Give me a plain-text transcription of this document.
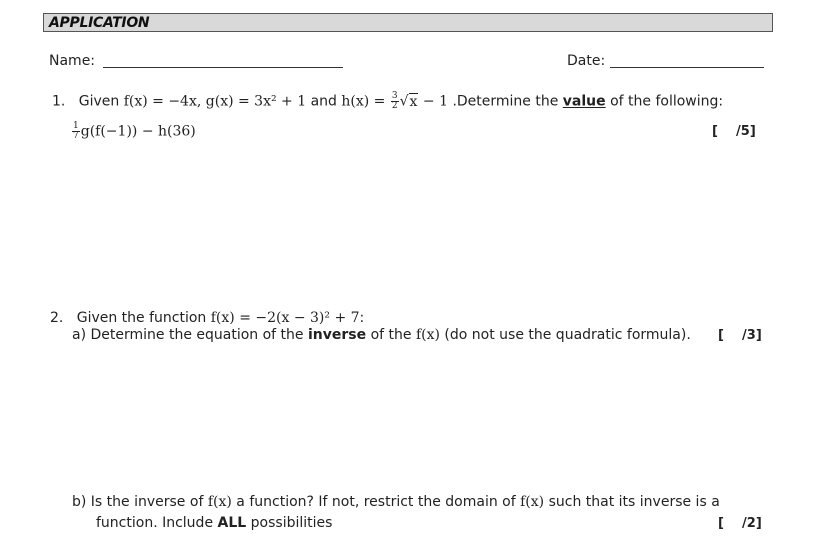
APPLICATION
Name:	Date:
1. Given f(x) = −4x, g(x) = 3x² + 1 and $h(x) = \frac{3}{2} √x - 1$ .Determine the value of the following:
$\frac{1}{7} g(f(-1)) - h(36)$	[    /5]
2. Given the function f(x) = −2(x − 3)² + 7:
a) Determine the equation of the inverse of the f(x) (do not use the quadratic formula). [    /3]
b) Is the inverse of f(x) a function? If not, restrict the domain of f(x) such that its inverse is a
function. Include ALL possibilities	[    /2]
